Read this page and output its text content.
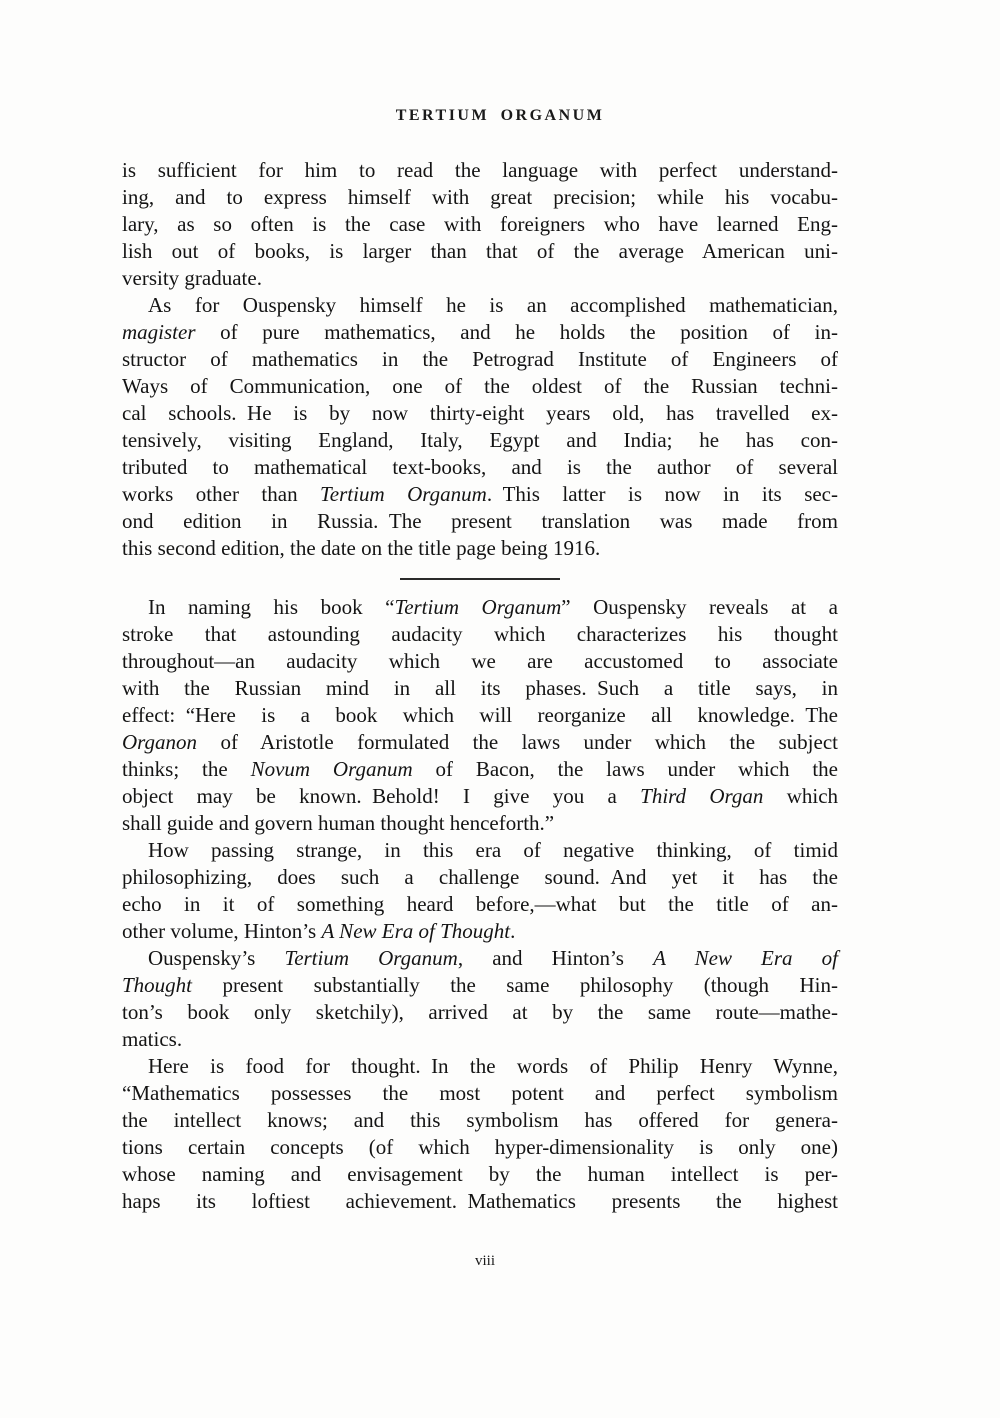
TERTIUM ORGANUM

is sufficient for him to read the language with perfect understand-
ing, and to express himself with great precision; while his vocabu-
lary, as so often is the case with foreigners who have learned Eng-
lish out of books, is larger than that of the average American uni-
versity graduate.

As for Ouspensky himself he is an accomplished mathematician,
magister of pure mathematics, and he holds the position of in-
structor of mathematics in the Petrograd Institute of Engineers of
Ways of Communication, one of the oldest of the Russian techni-
cal schools. He is by now thirty-eight years old, has travelled ex-
tensively, visiting England, Italy, Egypt and India; he has con-
tributed to mathematical text-books, and is the author of several
works other than Tertium Organum. This latter is now in its sec-
ond edition in Russia. The present translation was made from
this second edition, the date on the title page being 1916.

In naming his book “Tertium Organum” Ouspensky reveals at a
stroke that astounding audacity which characterizes his thought
throughout—an audacity which we are accustomed to associate
with the Russian mind in all its phases. Such a title says, in
effect: “Here is a book which will reorganize all knowledge. The
Organon of Aristotle formulated the laws under which the subject
thinks; the Novum Organum of Bacon, the laws under which the
object may be known. Behold! I give you a Third Organ which
shall guide and govern human thought henceforth.”

How passing strange, in this era of negative thinking, of timid
philosophizing, does such a challenge sound. And yet it has the
echo in it of something heard before,—what but the title of an-
other volume, Hinton’s A New Era of Thought.

Ouspensky’s Tertium Organum, and Hinton’s A New Era of
Thought present substantially the same philosophy (though Hin-
ton’s book only sketchily), arrived at by the same route—mathe-
matics.

Here is food for thought. In the words of Philip Henry Wynne,
“Mathematics possesses the most potent and perfect symbolism
the intellect knows; and this symbolism has offered for genera-
tions certain concepts (of which hyper-dimensionality is only one)
whose naming and envisagement by the human intellect is per-
haps its loftiest achievement. Mathematics presents the highest

viii
